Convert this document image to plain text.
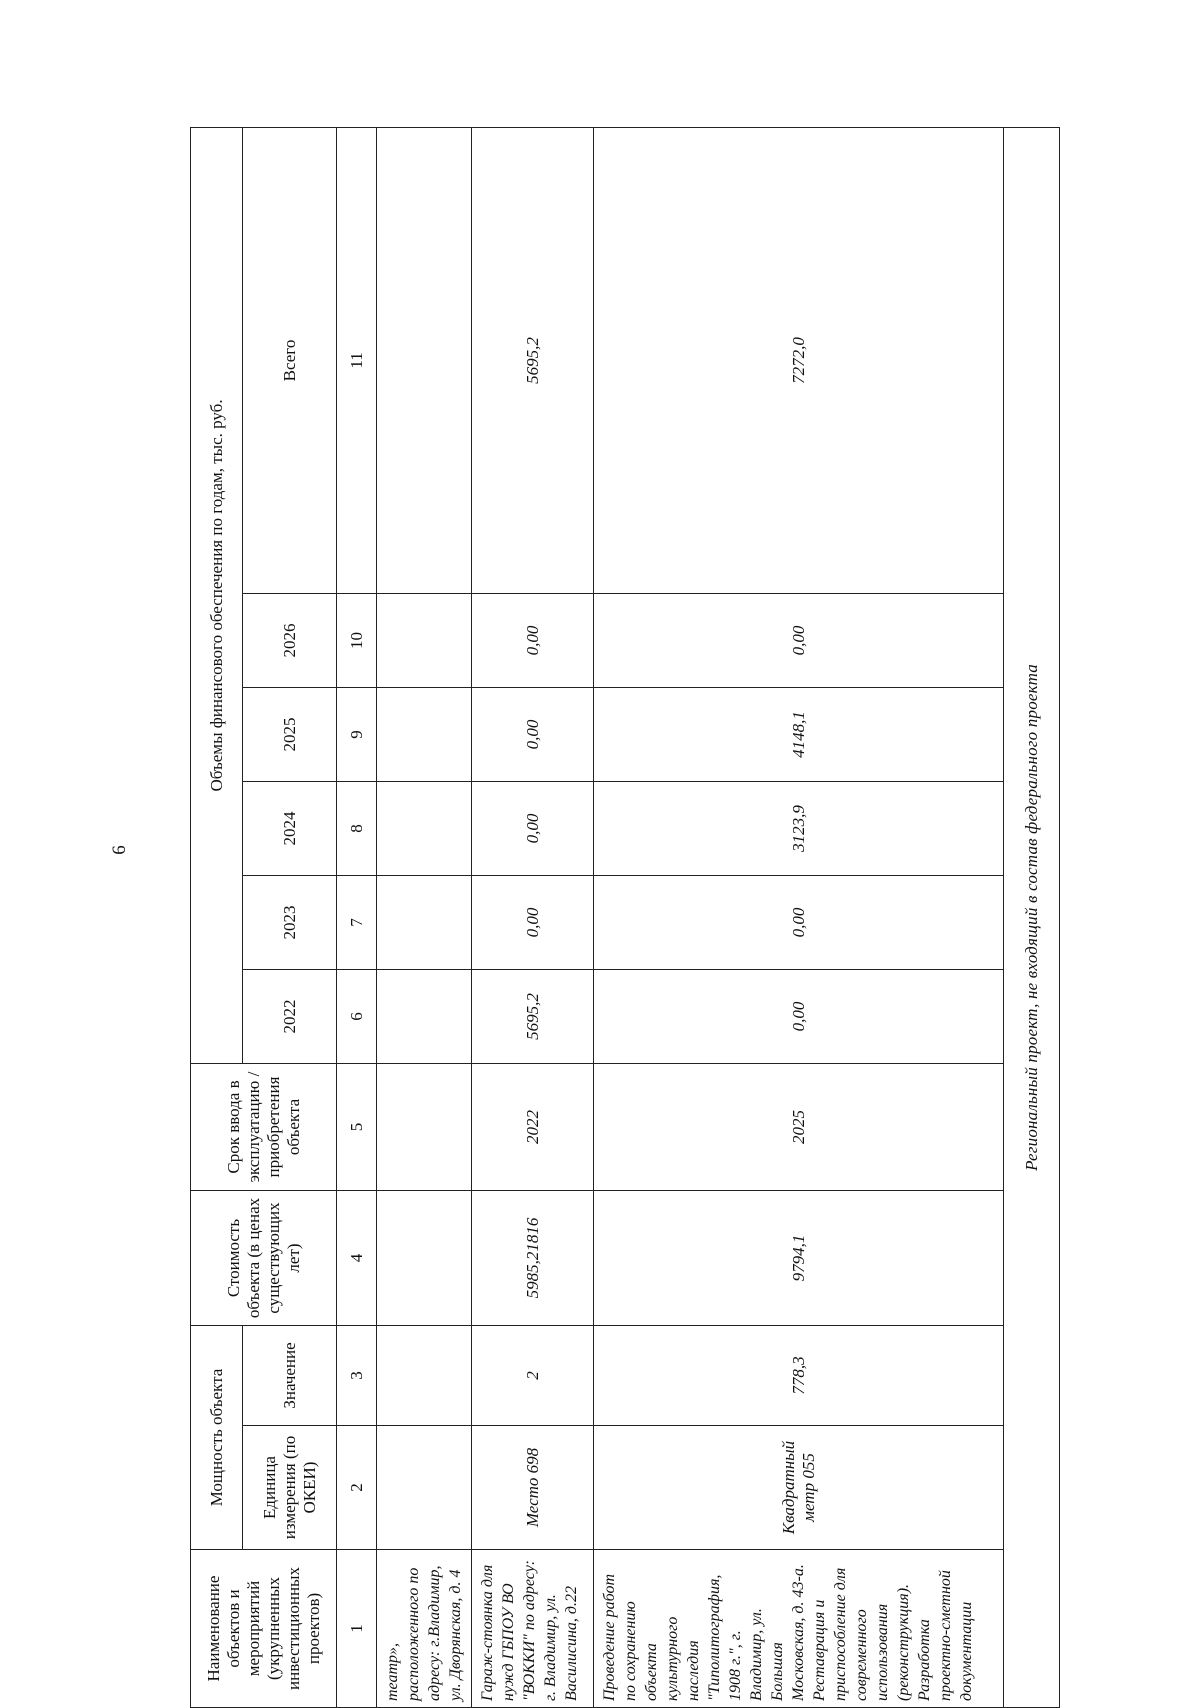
6
Наименование объектов и мероприятий (укрупненных инвестиционных проектов)	Мощность объекта		Стоимость объекта (в ценах существующих лет)	Срок ввода в эксплуатацию / приобретения объекта	Объемы финансового обеспечения по годам, тыс. руб.					
	Единица измерения (по ОКЕИ)	Значение			2022	2023	2024	2025	2026	Всего
1	2	3	4	5	6	7	8	9	10	11
театр», расположенного по адресу: г.Владимир, ул. Дворянская, д. 4										
Гараж-стоянка для нужд ГБПОУ ВО "ВОККИ" по адресу: г. Владимир, ул. Василисина, д.22	Место 698	2	5985,21816	2022	5695,2	0,00	0,00	0,00	0,00	5695,2
Проведение работ по сохранению объекта культурного наследия "Типолитография, 1908 г.", г. Владимир, ул. Большая Московская, д. 43-а. Реставрация и приспособление для современного использования (реконструкция). Разработка проектно-сметной документации	Квадратный метр 055	778,3	9794,1	2025	0,00	0,00	3123,9	4148,1	0,00	7272,0
Региональный проект, не входящий в состав федерального проекта										
